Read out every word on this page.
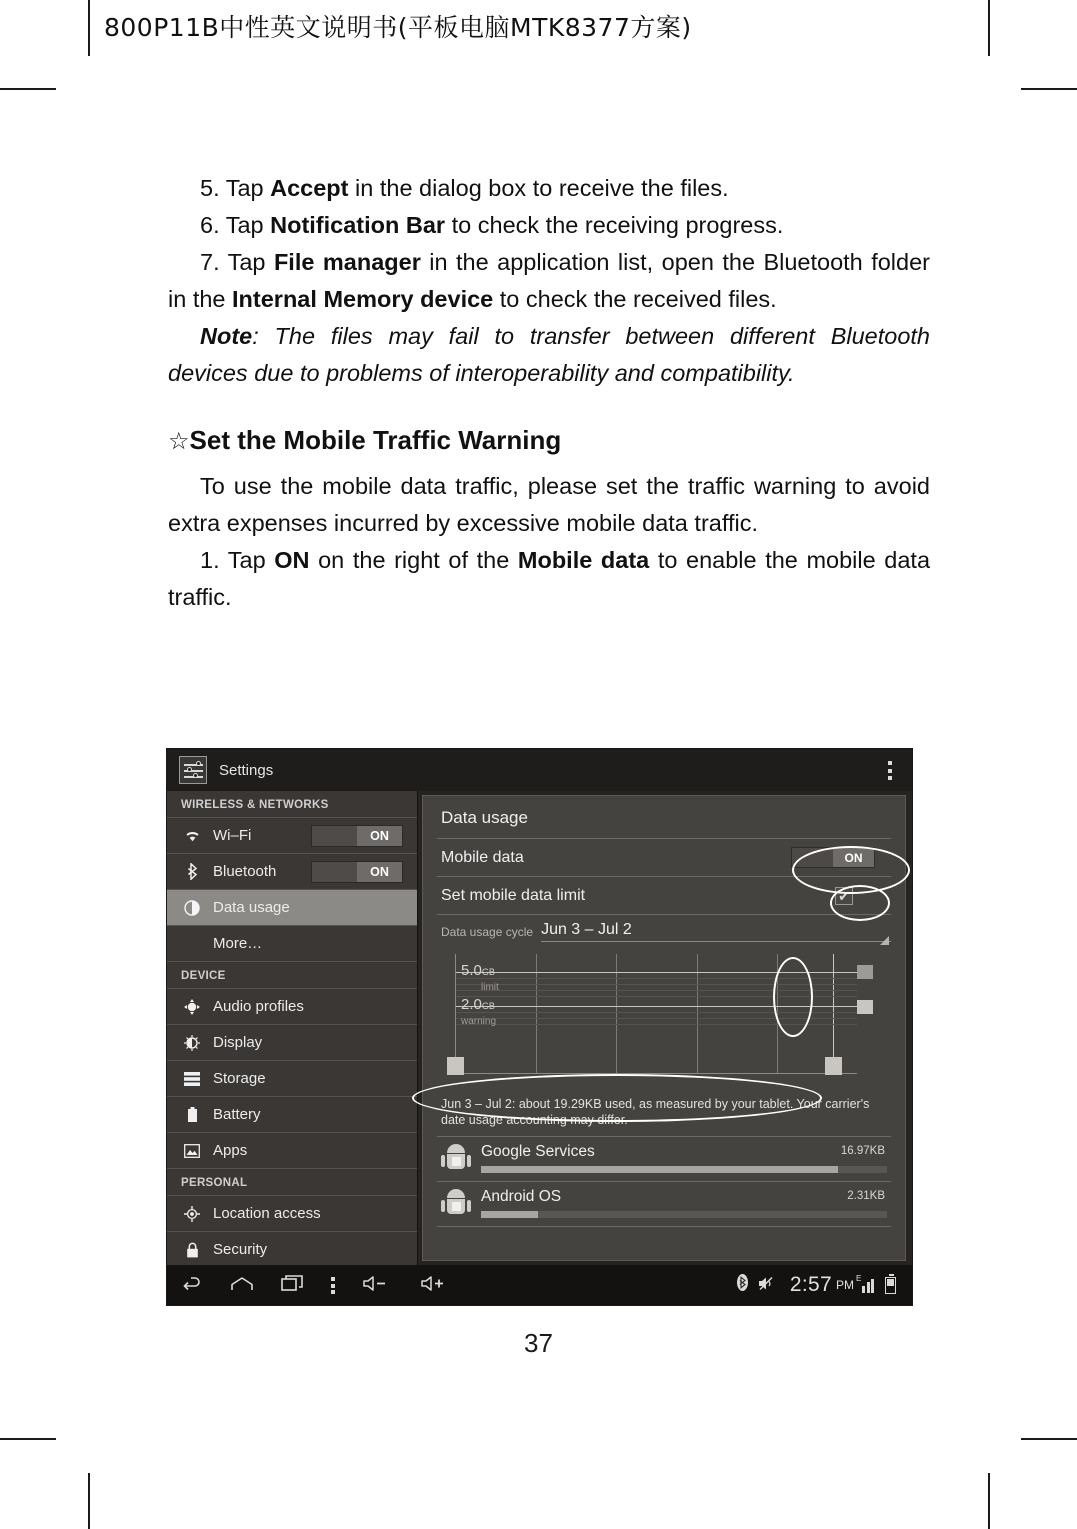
800P11B中性英文说明书(平板电脑MTK8377方案)

5. Tap Accept in the dialog box to receive the files.

6. Tap Notification Bar to check the receiving progress.

7. Tap File manager in the application list, open the Bluetooth folder in the Internal Memory device to check the received files.

Note: The files may fail to transfer between different Bluetooth devices due to problems of interoperability and compatibility.

☆Set the Mobile Traffic Warning

To use the mobile data traffic, please set the traffic warning to avoid extra expenses incurred by excessive mobile data traffic.

1. Tap ON on the right of the Mobile data to enable the mobile data traffic.

Settings
WIRELESS & NETWORKS
Wi–Fi	ON
Bluetooth	ON
Data usage
More…
DEVICE
Audio profiles
Display
Storage
Battery
Apps
PERSONAL
Location access
Security
Data usage
Mobile data	ON
Set mobile data limit	✔
Data usage cycle Jun 3 – Jul 2
5.0GB
limit
2.0GB
warning
Jun 3 – Jul 2: about 19.29KB used, as measured by your tablet. Your carrier's date usage accounting may differ.
Google Services	16.97KB
Android OS	2.31KB
2:57 PM E
37
